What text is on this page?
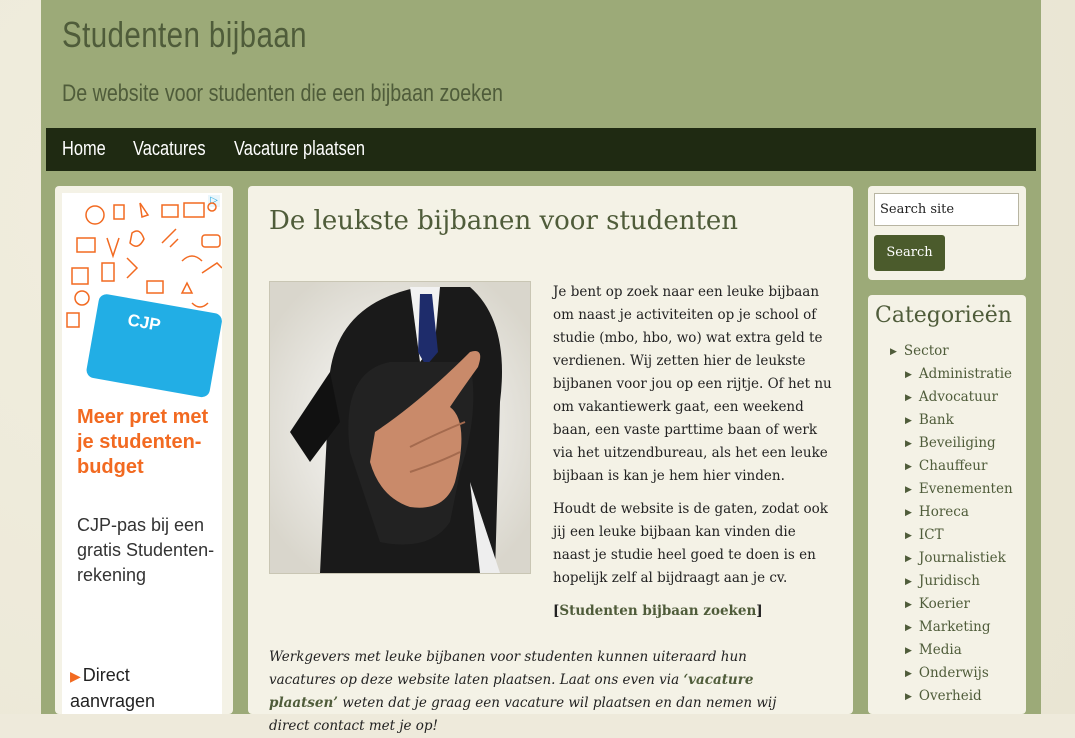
Studenten bijbaan
De website voor studenten die een bijbaan zoeken
Home Vacatures Vacature plaatsen
▷
CJP
Meer pret met je studenten-budget
CJP-pas bij een gratis Studenten-rekening
▶ Direct aanvragen
De leukste bijbanen voor studenten

Je bent op zoek naar een leuke bijbaan om naast je activiteiten op je school of studie (mbo, hbo, wo) wat extra geld te verdienen. Wij zetten hier de leukste bijbanen voor jou op een rijtje. Of het nu om vakantiewerk gaat, een weekend baan, een vaste parttime baan of werk via het uitzendbureau, als het een leuke bijbaan is kan je hem hier vinden.

Houdt de website is de gaten, zodat ook jij een leuke bijbaan kan vinden die naast je studie heel goed te doen is en hopelijk zelf al bijdraagt aan je cv.

[Studenten bijbaan zoeken]

Werkgevers met leuke bijbanen voor studenten kunnen uiteraard hun vacatures op deze website laten plaatsen. Laat ons even via ‘vacature plaatsen’ weten dat je graag een vacature wil plaatsen en dan nemen wij direct contact met je op!
Search site
Search
Categorieën
▶ Sector
▶ Administratie
▶ Advocatuur
▶ Bank
▶ Beveiliging
▶ Chauffeur
▶ Evenementen
▶ Horeca
▶ ICT
▶ Journalistiek
▶ Juridisch
▶ Koerier
▶ Marketing
▶ Media
▶ Onderwijs
▶ Overheid
